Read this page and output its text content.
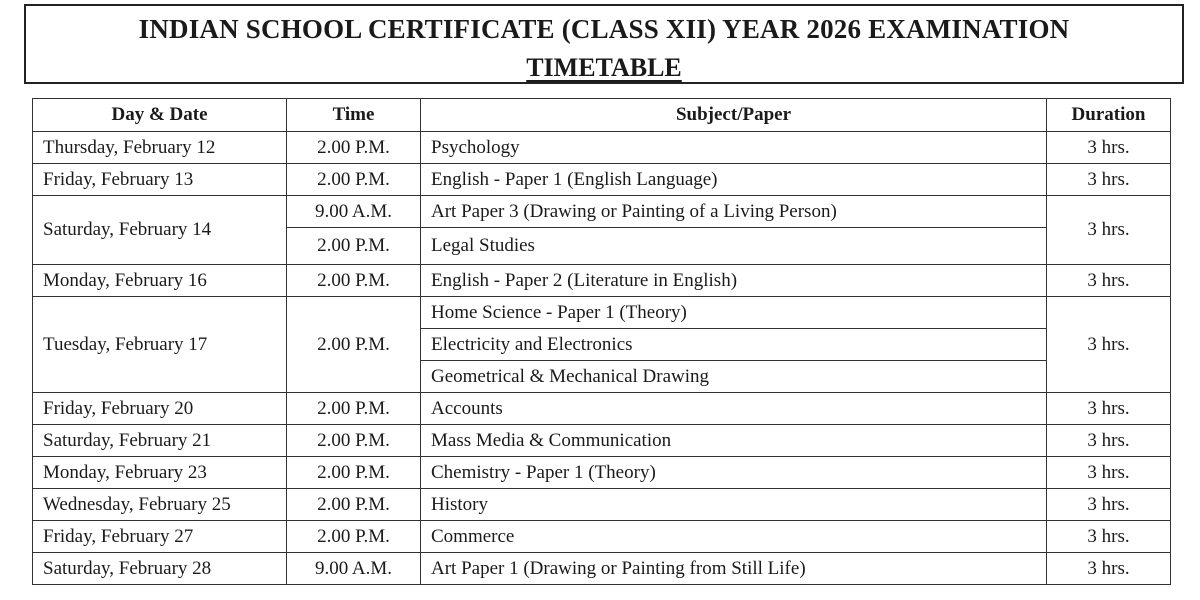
INDIAN SCHOOL CERTIFICATE (CLASS XII) YEAR 2026 EXAMINATION
TIMETABLE
Day & Date	Time	Subject/Paper	Duration
Thursday, February 12	2.00 P.M.	Psychology	3 hrs.
Friday, February 13	2.00 P.M.	English - Paper 1 (English Language)	3 hrs.
Saturday, February 14	9.00 A.M.	Art Paper 3 (Drawing or Painting of a Living Person)	3 hrs.
	2.00 P.M.	Legal Studies	
Monday, February 16	2.00 P.M.	English - Paper 2 (Literature in English)	3 hrs.
Tuesday, February 17	2.00 P.M.	Home Science - Paper 1 (Theory)	3 hrs.
		Electricity and Electronics	
		Geometrical & Mechanical Drawing	
Friday, February 20	2.00 P.M.	Accounts	3 hrs.
Saturday, February 21	2.00 P.M.	Mass Media & Communication	3 hrs.
Monday, February 23	2.00 P.M.	Chemistry - Paper 1 (Theory)	3 hrs.
Wednesday, February 25	2.00 P.M.	History	3 hrs.
Friday, February 27	2.00 P.M.	Commerce	3 hrs.
Saturday, February 28	9.00 A.M.	Art Paper 1 (Drawing or Painting from Still Life)	3 hrs.
